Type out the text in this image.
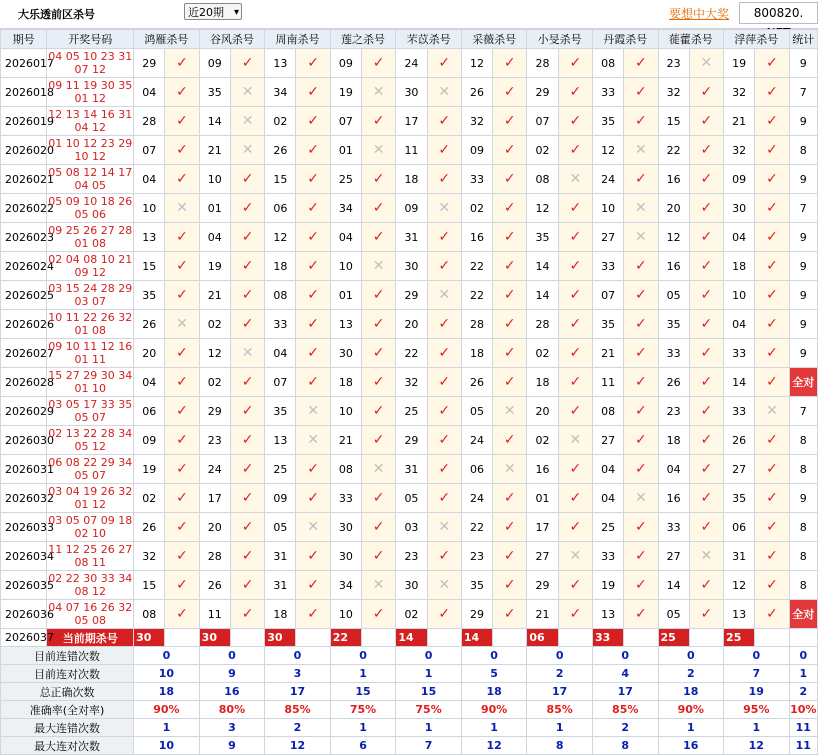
大乐透前区杀号	近20期 ▾	要想中大奖	800820.
期号	开奖号码	鸿雁杀号		谷风杀号		周南杀号		莲之杀号		芣苡杀号		采薇杀号		小旻杀号		丹霞杀号		蓰藿杀号		浮萍杀号		统计
2026017	04 05 10 23 31 07 12	29	✓	09	✓	13	✓	09	✓	24	✓	12	✓	28	✓	08	✓	23	✕	19	✓	9
2026018	09 11 19 30 35 01 12	04	✓	35	✕	34	✓	19	✕	30	✕	26	✓	29	✓	33	✓	32	✓	32	✓	7
2026019	12 13 14 16 31 04 12	28	✓	14	✕	02	✓	07	✓	17	✓	32	✓	07	✓	35	✓	15	✓	21	✓	9
2026020	01 10 12 23 29 10 12	07	✓	21	✕	26	✓	01	✕	11	✓	09	✓	02	✓	12	✕	22	✓	32	✓	8
2026021	05 08 12 14 17 04 05	04	✓	10	✓	15	✓	25	✓	18	✓	33	✓	08	✕	24	✓	16	✓	09	✓	9
2026022	05 09 10 18 26 05 06	10	✕	01	✓	06	✓	34	✓	09	✕	02	✓	12	✓	10	✕	20	✓	30	✓	7
2026023	09 25 26 27 28 01 08	13	✓	04	✓	12	✓	04	✓	31	✓	16	✓	35	✓	27	✕	12	✓	04	✓	9
2026024	02 04 08 10 21 09 12	15	✓	19	✓	18	✓	10	✕	30	✓	22	✓	14	✓	33	✓	16	✓	18	✓	9
2026025	03 15 24 28 29 03 07	35	✓	21	✓	08	✓	01	✓	29	✕	22	✓	14	✓	07	✓	05	✓	10	✓	9
2026026	10 11 22 26 32 01 08	26	✕	02	✓	33	✓	13	✓	20	✓	28	✓	28	✓	35	✓	35	✓	04	✓	9
2026027	09 10 11 12 16 01 11	20	✓	12	✕	04	✓	30	✓	22	✓	18	✓	02	✓	21	✓	33	✓	33	✓	9
2026028	15 27 29 30 34 01 10	04	✓	02	✓	07	✓	18	✓	32	✓	26	✓	18	✓	11	✓	26	✓	14	✓	全对
2026029	03 05 17 33 35 05 07	06	✓	29	✓	35	✕	10	✓	25	✓	05	✕	20	✓	08	✓	23	✓	33	✕	7
2026030	02 13 22 28 34 05 12	09	✓	23	✓	13	✕	21	✓	29	✓	24	✓	02	✕	27	✓	18	✓	26	✓	8
2026031	06 08 22 29 34 05 07	19	✓	24	✓	25	✓	08	✕	31	✓	06	✕	16	✓	04	✓	04	✓	27	✓	8
2026032	03 04 19 26 32 01 12	02	✓	17	✓	09	✓	33	✓	05	✓	24	✓	01	✓	04	✕	16	✓	35	✓	9
2026033	03 05 07 09 18 02 10	26	✓	20	✓	05	✕	30	✓	03	✕	22	✓	17	✓	25	✓	33	✓	06	✓	8
2026034	11 12 25 26 27 08 11	32	✓	28	✓	31	✓	30	✓	23	✓	23	✓	27	✕	33	✓	27	✕	31	✓	8
2026035	02 22 30 33 34 08 12	15	✓	26	✓	31	✓	34	✕	30	✕	35	✓	29	✓	19	✓	14	✓	12	✓	8
2026036	04 07 16 26 32 05 08	08	✓	11	✓	18	✓	10	✓	02	✓	29	✓	21	✓	13	✓	05	✓	13	✓	全对
2026037	当前期杀号	30		30		30		22		14		14		06		33		25		25		
目前连错次数		0		0		0		0		0		0		0		0		0		0		0
目前连对次数		10		9		3		1		1		5		2		4		2		7		1
总正确次数		18		16		17		15		15		18		17		17		18		19		2
准确率(全对率)		90%		80%		85%		75%		75%		90%		85%		85%		90%		95%		10%
最大连错次数		1		3		2		1		1		1		1		2		1		1		11
最大连对次数		10		9		12		6		7		12		8		8		16		12		11
